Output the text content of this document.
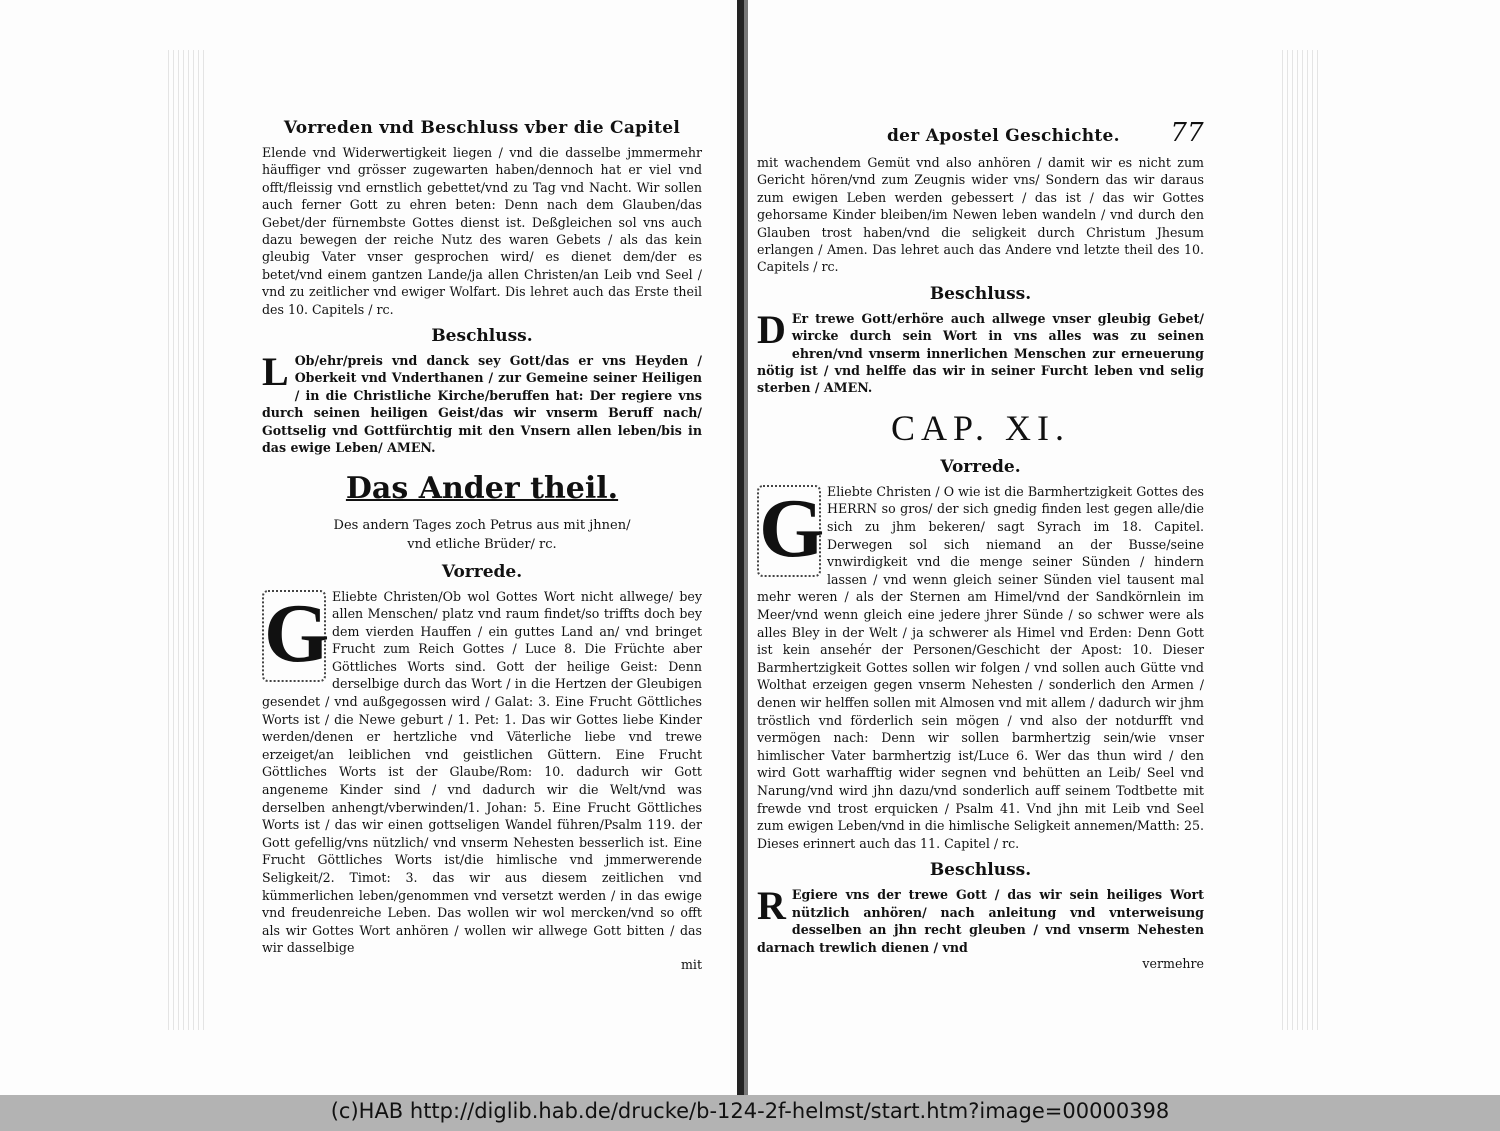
Vorreden vnd Beschluss vber die Capitel

Elende vnd Widerwertigkeit liegen / vnd die dasselbe jmmermehr häuffiger vnd grösser zugewarten haben/dennoch hat er viel vnd offt/fleissig vnd ernstlich gebettet/vnd zu Tag vnd Nacht. Wir sollen auch ferner Gott zu ehren beten: Denn nach dem Glauben/das Gebet/der fürnembste Gottes dienst ist. Deßgleichen sol vns auch dazu bewegen der reiche Nutz des waren Gebets / als das kein gleubig Vater vnser gesprochen wird/ es dienet dem/der es betet/vnd einem gantzen Lande/ja allen Christen/an Leib vnd Seel / vnd zu zeitlicher vnd ewiger Wolfart. Dis lehret auch das Erste theil des 10. Capitels / rc.

Beschluss.
L Ob/ehr/preis vnd danck sey Gott/das er vns Heyden / Oberkeit vnd Vnderthanen / zur Gemeine seiner Heiligen / in die Christliche Kirche/beruffen hat: Der regiere vns durch seinen heiligen Geist/das wir vnserm Beruff nach/ Gottselig vnd Gottfürchtig mit den Vnsern allen leben/bis in das ewige Leben/ AMEN.

Das Ander theil.

Des andern Tages zoch Petrus aus mit jhnen/

vnd etliche Brüder/ rc.

Vorrede.
G Eliebte Christen/Ob wol Gottes Wort nicht allwege/ bey allen Menschen/ platz vnd raum findet/so triffts doch bey dem vierden Hauffen / ein guttes Land an/ vnd bringet Frucht zum Reich Gottes / Luce 8. Die Früchte aber Göttliches Worts sind. Gott der heilige Geist: Denn derselbige durch das Wort / in die Hertzen der Gleubigen gesendet / vnd außgegossen wird / Galat: 3. Eine Frucht Göttliches Worts ist / die Newe geburt / 1. Pet: 1. Das wir Gottes liebe Kinder werden/denen er hertzliche vnd Väterliche liebe vnd trewe erzeiget/an leiblichen vnd geistlichen Güttern. Eine Frucht Göttliches Worts ist der Glaube/Rom: 10. dadurch wir Gott angeneme Kinder sind / vnd dadurch wir die Welt/vnd was derselben anhengt/vberwinden/1. Johan: 5. Eine Frucht Göttliches Worts ist / das wir einen gottseligen Wandel führen/Psalm 119. der Gott gefellig/vns nützlich/ vnd vnserm Nehesten besserlich ist. Eine Frucht Göttliches Worts ist/die himlische vnd jmmerwerende Seligkeit/2. Timot: 3. das wir aus diesem zeitlichen vnd kümmerlichen leben/genommen vnd versetzt werden / in das ewige vnd freudenreiche Leben. Das wollen wir wol mercken/vnd so offt als wir Gottes Wort anhören / wollen wir allwege Gott bitten / das wir dasselbige

mit

der Apostel Geschichte. 77

mit wachendem Gemüt vnd also anhören / damit wir es nicht zum Gericht hören/vnd zum Zeugnis wider vns/ Sondern das wir daraus zum ewigen Leben werden gebessert / das ist / das wir Gottes gehorsame Kinder bleiben/im Newen leben wandeln / vnd durch den Glauben trost haben/vnd die seligkeit durch Christum Jhesum erlangen / Amen. Das lehret auch das Andere vnd letzte theil des 10. Capitels / rc.

Beschluss.
D Er trewe Gott/erhöre auch allwege vnser gleubig Gebet/ wircke durch sein Wort in vns alles was zu seinen ehren/vnd vnserm innerlichen Menschen zur erneuerung nötig ist / vnd helffe das wir in seiner Furcht leben vnd selig sterben / AMEN.

CAP. XI.
Vorrede.
G Eliebte Christen / O wie ist die Barmhertzigkeit Gottes des HERRN so gros/ der sich gnedig finden lest gegen alle/die sich zu jhm bekeren/ sagt Syrach im 18. Capitel. Derwegen sol sich niemand an der Busse/seine vnwirdigkeit vnd die menge seiner Sünden / hindern lassen / vnd wenn gleich seiner Sünden viel tausent mal mehr weren / als der Sternen am Himel/vnd der Sandkörnlein im Meer/vnd wenn gleich eine jedere jhrer Sünde / so schwer were als alles Bley in der Welt / ja schwerer als Himel vnd Erden: Denn Gott ist kein ansehér der Personen/Geschicht der Apost: 10. Dieser Barmhertzigkeit Gottes sollen wir folgen / vnd sollen auch Gütte vnd Wolthat erzeigen gegen vnserm Nehesten / sonderlich den Armen / denen wir helffen sollen mit Almosen vnd mit allem / dadurch wir jhm tröstlich vnd förderlich sein mögen / vnd also der notdurfft vnd vermögen nach: Denn wir sollen barmhertzig sein/wie vnser himlischer Vater barmhertzig ist/Luce 6. Wer das thun wird / den wird Gott warhafftig wider segnen vnd behütten an Leib/ Seel vnd Narung/vnd wird jhn dazu/vnd sonderlich auff seinem Todtbette mit frewde vnd trost erquicken / Psalm 41. Vnd jhn mit Leib vnd Seel zum ewigen Leben/vnd in die himlische Seligkeit annemen/Matth: 25. Dieses erinnert auch das 11. Capitel / rc.

Beschluss.
R Egiere vns der trewe Gott / das wir sein heiliges Wort nützlich anhören/ nach anleitung vnd vnterweisung desselben an jhn recht gleuben / vnd vnserm Nehesten darnach trewlich dienen / vnd

vermehre

(c)HAB http://diglib.hab.de/drucke/b-124-2f-helmst/start.htm?image=00000398
